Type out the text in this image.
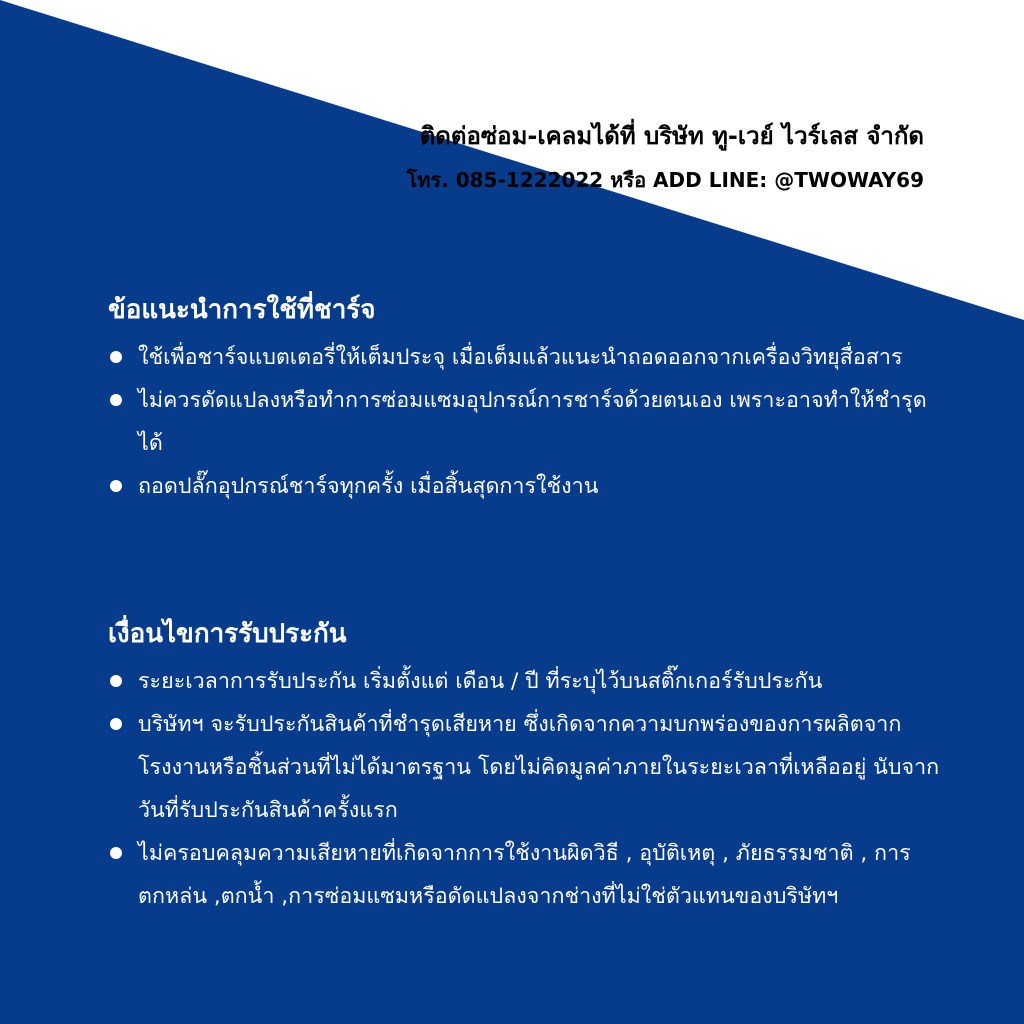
ติดต่อซ่อม-เคลมได้ที่ บริษัท ทู-เวย์ ไวร์เลส จำกัด
โทร. 085-1222022 หรือ ADD LINE: @TWOWAY69
ข้อแนะนำการใช้ที่ชาร์จ
ใช้เพื่อชาร์จแบตเตอรี่ให้เต็มประจุ เมื่อเต็มแล้วแนะนำถอดออกจากเครื่องวิทยุสื่อสาร
ไม่ควรดัดแปลงหรือทำการซ่อมแซมอุปกรณ์การชาร์จด้วยตนเอง เพราะอาจทำให้ชำรุดได้
ถอดปลั๊กอุปกรณ์ชาร์จทุกครั้ง เมื่อสิ้นสุดการใช้งาน
เงื่อนไขการรับประกัน
ระยะเวลาการรับประกัน เริ่มตั้งแต่ เดือน / ปี ที่ระบุไว้บนสติ๊กเกอร์รับประกัน
บริษัทฯ จะรับประกันสินค้าที่ชำรุดเสียหาย ซึ่งเกิดจากความบกพร่องของการผลิตจากโรงงานหรือชิ้นส่วนที่ไม่ได้มาตรฐาน โดยไม่คิดมูลค่าภายในระยะเวลาที่เหลืออยู่ นับจากวันที่รับประกันสินค้าครั้งแรก
ไม่ครอบคลุมความเสียหายที่เกิดจากการใช้งานผิดวิธี , อุบัติเหตุ , ภัยธรรมชาติ , การตกหล่น ,ตกน้ำ ,การซ่อมแซมหรือดัดแปลงจากช่างที่ไม่ใช่ตัวแทนของบริษัทฯ
